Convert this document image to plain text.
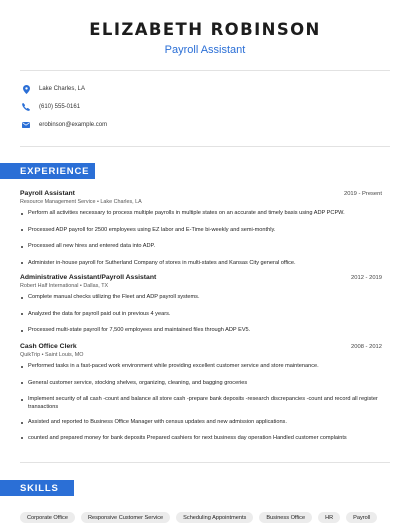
ELIZABETH ROBINSON
Payroll Assistant
Lake Charles, LA
(610) 555-0161
erobinson@example.com
EXPERIENCE
Payroll Assistant	2019 - Present
Resource Management Service • Lake Charles, LA
Perform all activities necessary to process multiple payrolls in multiple states on an accurate and timely basis using ADP PCPW.
Processed ADP payroll for 2500 employees using EZ labor and E-Time bi-weekly and semi-monthly.
Processed all new hires and entered data into ADP.
Administer in-house payroll for Sutherland Company of stores in multi-states and Kansas City general office.
Administrative Assistant/Payroll Assistant	2012 - 2019
Robert Half International • Dallas, TX
Complete manual checks utilizing the Fleet and ADP payroll systems.
Analyzed the data for payroll paid out in previous 4 years.
Processed multi-state payroll for 7,500 employees and maintained files through ADP EV5.
Cash Office Clerk	2008 - 2012
QuikTrip • Saint Louis, MO
Performed tasks in a fast-paced work environment while providing excellent customer service and store maintenance.
General customer service, stocking shelves, organizing, cleaning, and bagging groceries
Implement security of all cash -count and balance all store cash -prepare bank deposits -research discrepancies -count and record all register transactions
Assisted and reported to Business Office Manager with census updates and new admission applications.
counted and prepared money for bank deposits Prepared cashiers for next business day operation Handled customer complaints
SKILLS
Corporate Office	Responsive Customer Service	Scheduling Appointments	Business Office	HR	Payroll
